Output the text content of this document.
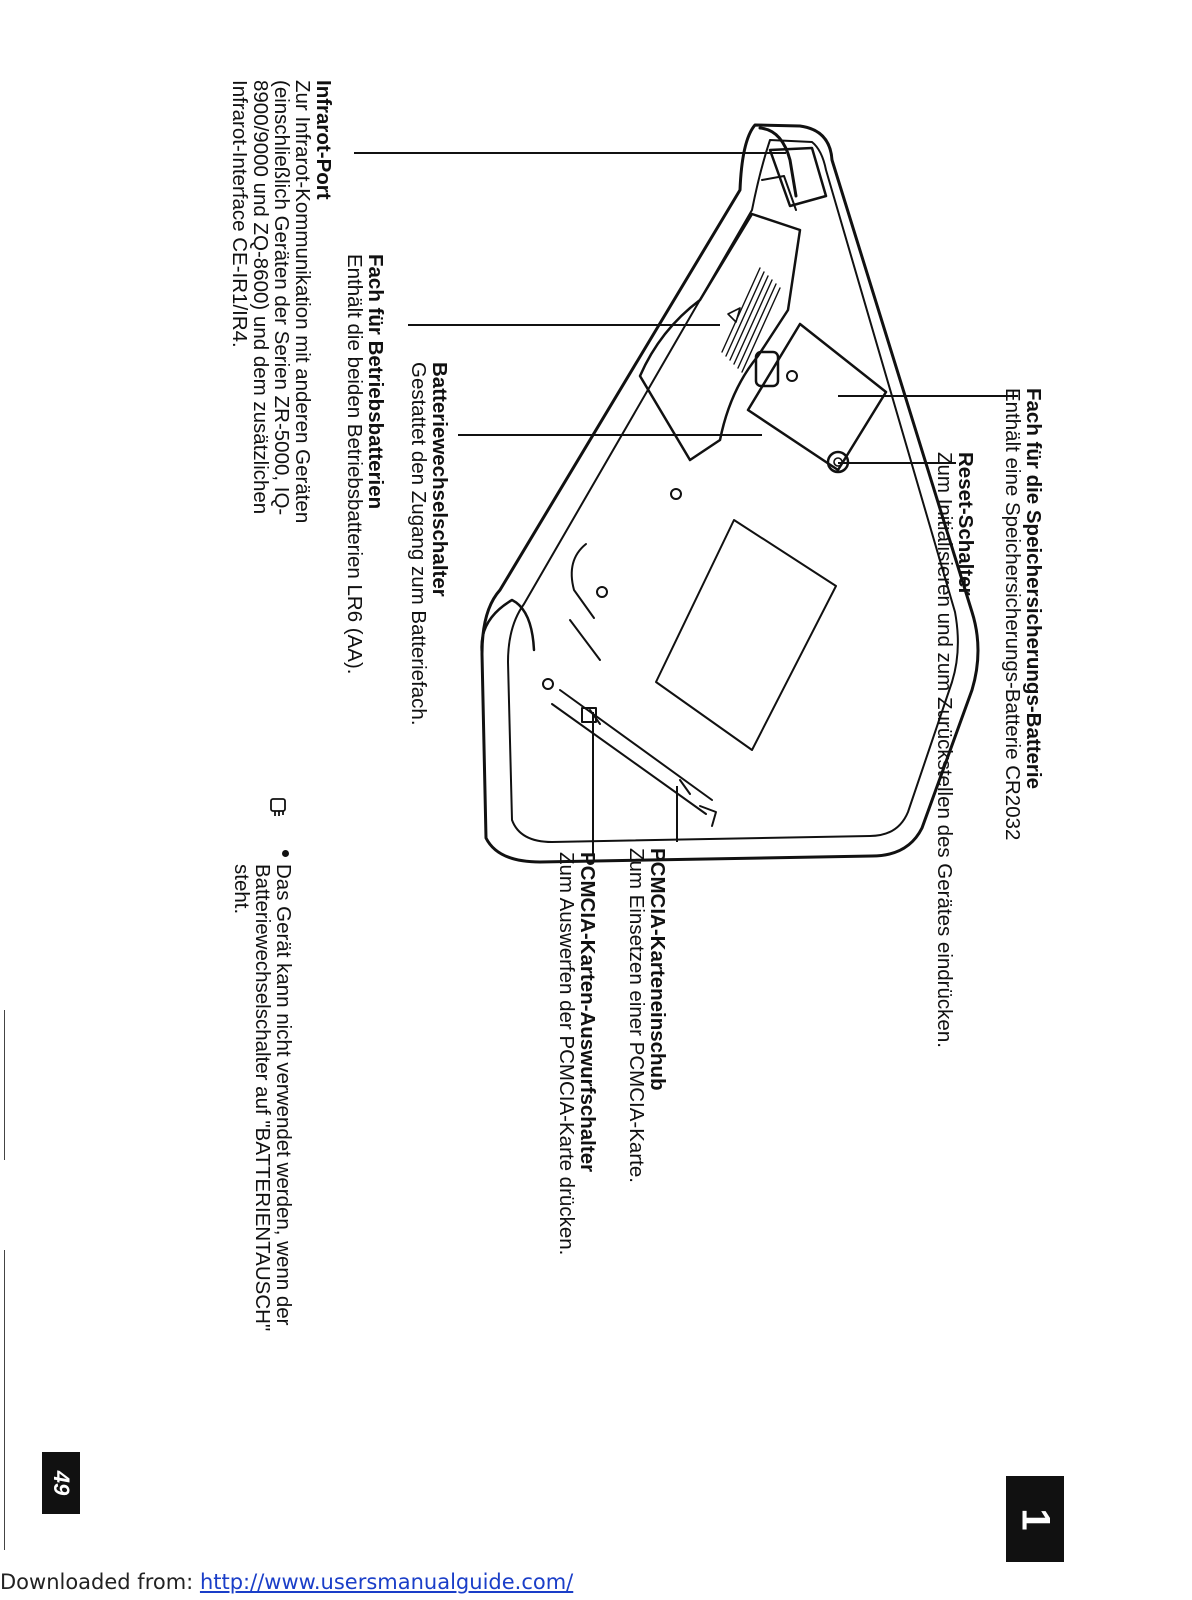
Fach für die Speichersicherungs-Batterie
Enthält eine Speichersicherungs-Batterie CR2032
Reset-Schalter
Zum Initialisieren und zum Zurückstellen des Gerätes eindrücken.
PCMCIA-Karteneinschub
Zum Einsetzen einer PCMCIA-Karte.
PCMCIA-Karten-Auswurfschalter
Zum Auswerfen der PCMCIA-Karte drücken.
Batteriewechselschalter
Gestattet den Zugang zum Batteriefach.
Fach für Betriebsbatterien
Enthält die beiden Betriebsbatterien LR6 (AA).
Infrarot-Port
Zur Infrarot-Kommunikation mit anderen Geräten
(einschließlich Geräten der Serien ZR-5000, IQ-
8900/9000 und ZQ-8600) und dem zusätzlichen
Infrarot-Interface CE-IR1/IR4.
Das Gerät kann nicht verwendet werden, wenn der
Batteriewechselschalter auf "BATTERIENTAUSCH"
steht.
49
1
Downloaded from: http://www.usersmanualguide.com/
